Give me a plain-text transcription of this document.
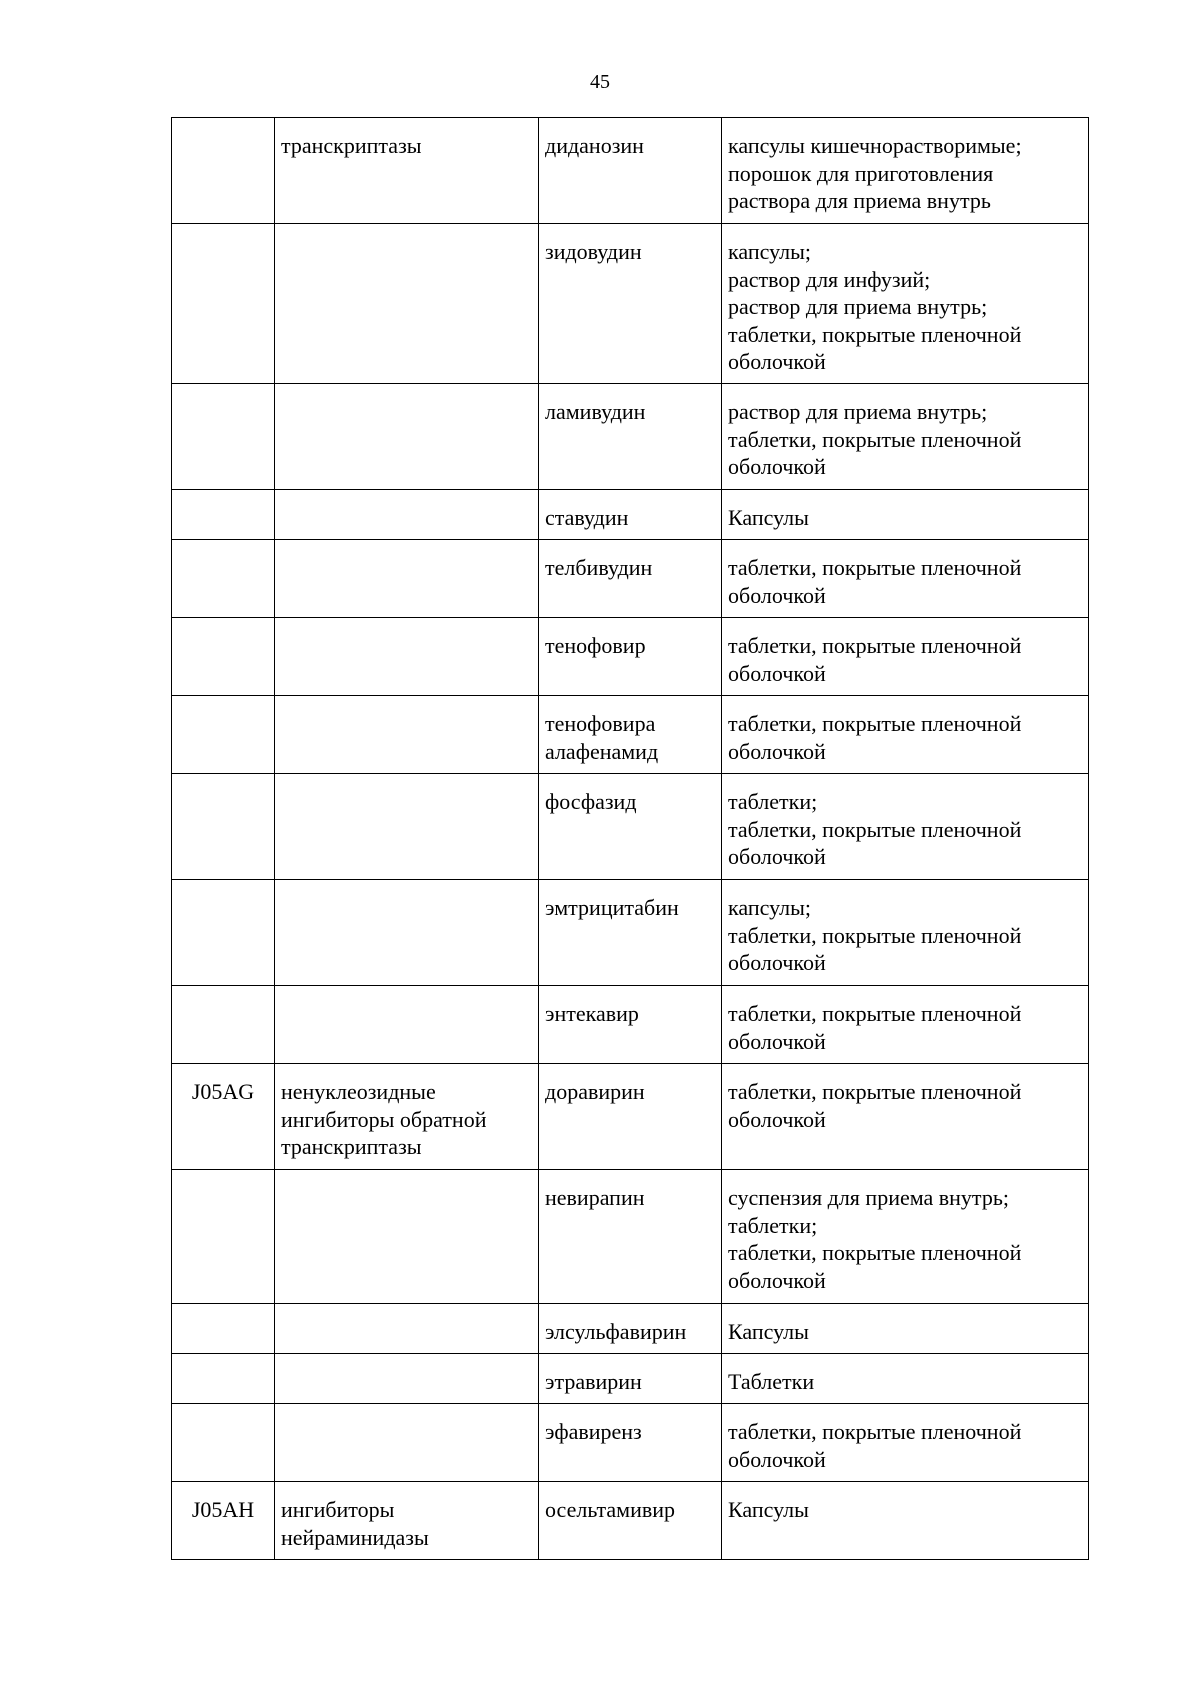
45
	транскриптазы	диданозин	капсулы кишечнорастворимые;
порошок для приготовления
раствора для приема внутрь
		зидовудин	капсулы;
раствор для инфузий;
раствор для приема внутрь;
таблетки, покрытые пленочной
оболочкой
		ламивудин	раствор для приема внутрь;
таблетки, покрытые пленочной
оболочкой
		ставудин	Капсулы
		телбивудин	таблетки, покрытые пленочной
оболочкой
		тенофовир	таблетки, покрытые пленочной
оболочкой
		тенофовира
алафенамид	таблетки, покрытые пленочной
оболочкой
		фосфазид	таблетки;
таблетки, покрытые пленочной
оболочкой
		эмтрицитабин	капсулы;
таблетки, покрытые пленочной
оболочкой
		энтекавир	таблетки, покрытые пленочной
оболочкой
J05AG	ненуклеозидные
ингибиторы обратной
транскриптазы	доравирин	таблетки, покрытые пленочной
оболочкой
		невирапин	суспензия для приема внутрь;
таблетки;
таблетки, покрытые пленочной
оболочкой
		элсульфавирин	Капсулы
		этравирин	Таблетки
		эфавиренз	таблетки, покрытые пленочной
оболочкой
J05AH	ингибиторы
нейраминидазы	осельтамивир	Капсулы
